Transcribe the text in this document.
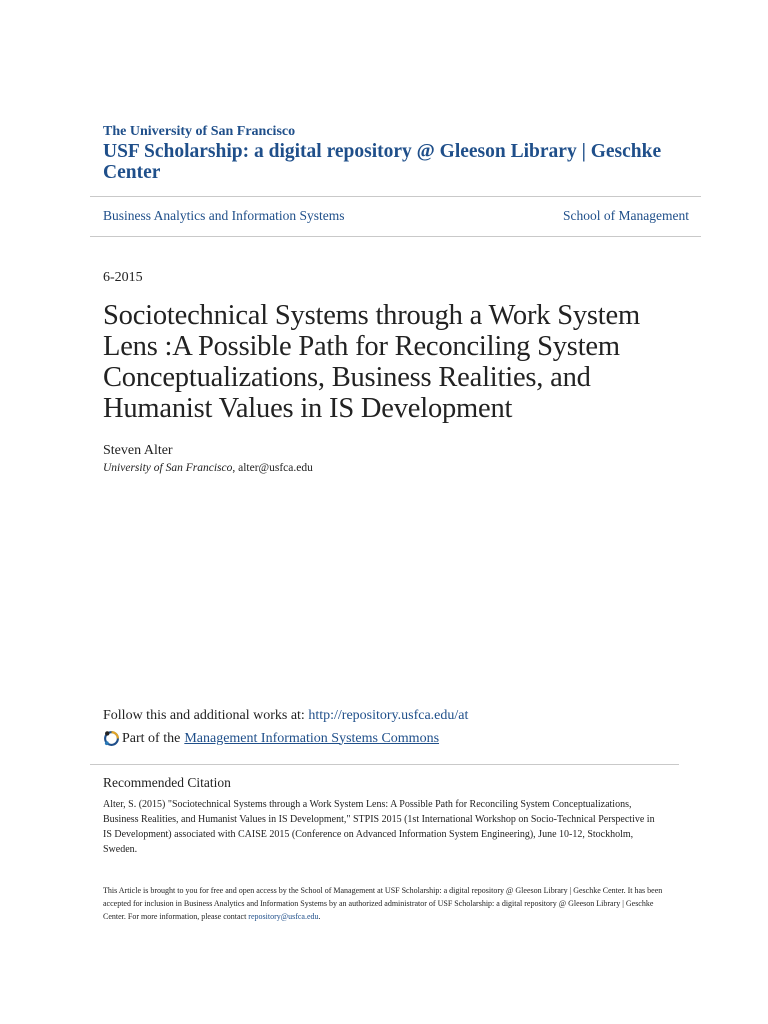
The University of San Francisco
USF Scholarship: a digital repository @ Gleeson Library | Geschke Center
Business Analytics and Information Systems	School of Management
6-2015
Sociotechnical Systems through a Work System Lens :A Possible Path for Reconciling System Conceptualizations, Business Realities, and Humanist Values in IS Development
Steven Alter
University of San Francisco, alter@usfca.edu
Follow this and additional works at: http://repository.usfca.edu/at
Part of the Management Information Systems Commons
Recommended Citation
Alter, S. (2015) "Sociotechnical Systems through a Work System Lens: A Possible Path for Reconciling System Conceptualizations, Business Realities, and Humanist Values in IS Development," STPIS 2015 (1st International Workshop on Socio-Technical Perspective in IS Development) associated with CAISE 2015 (Conference on Advanced Information System Engineering), June 10-12, Stockholm, Sweden.
This Article is brought to you for free and open access by the School of Management at USF Scholarship: a digital repository @ Gleeson Library | Geschke Center. It has been accepted for inclusion in Business Analytics and Information Systems by an authorized administrator of USF Scholarship: a digital repository @ Gleeson Library | Geschke Center. For more information, please contact repository@usfca.edu.
